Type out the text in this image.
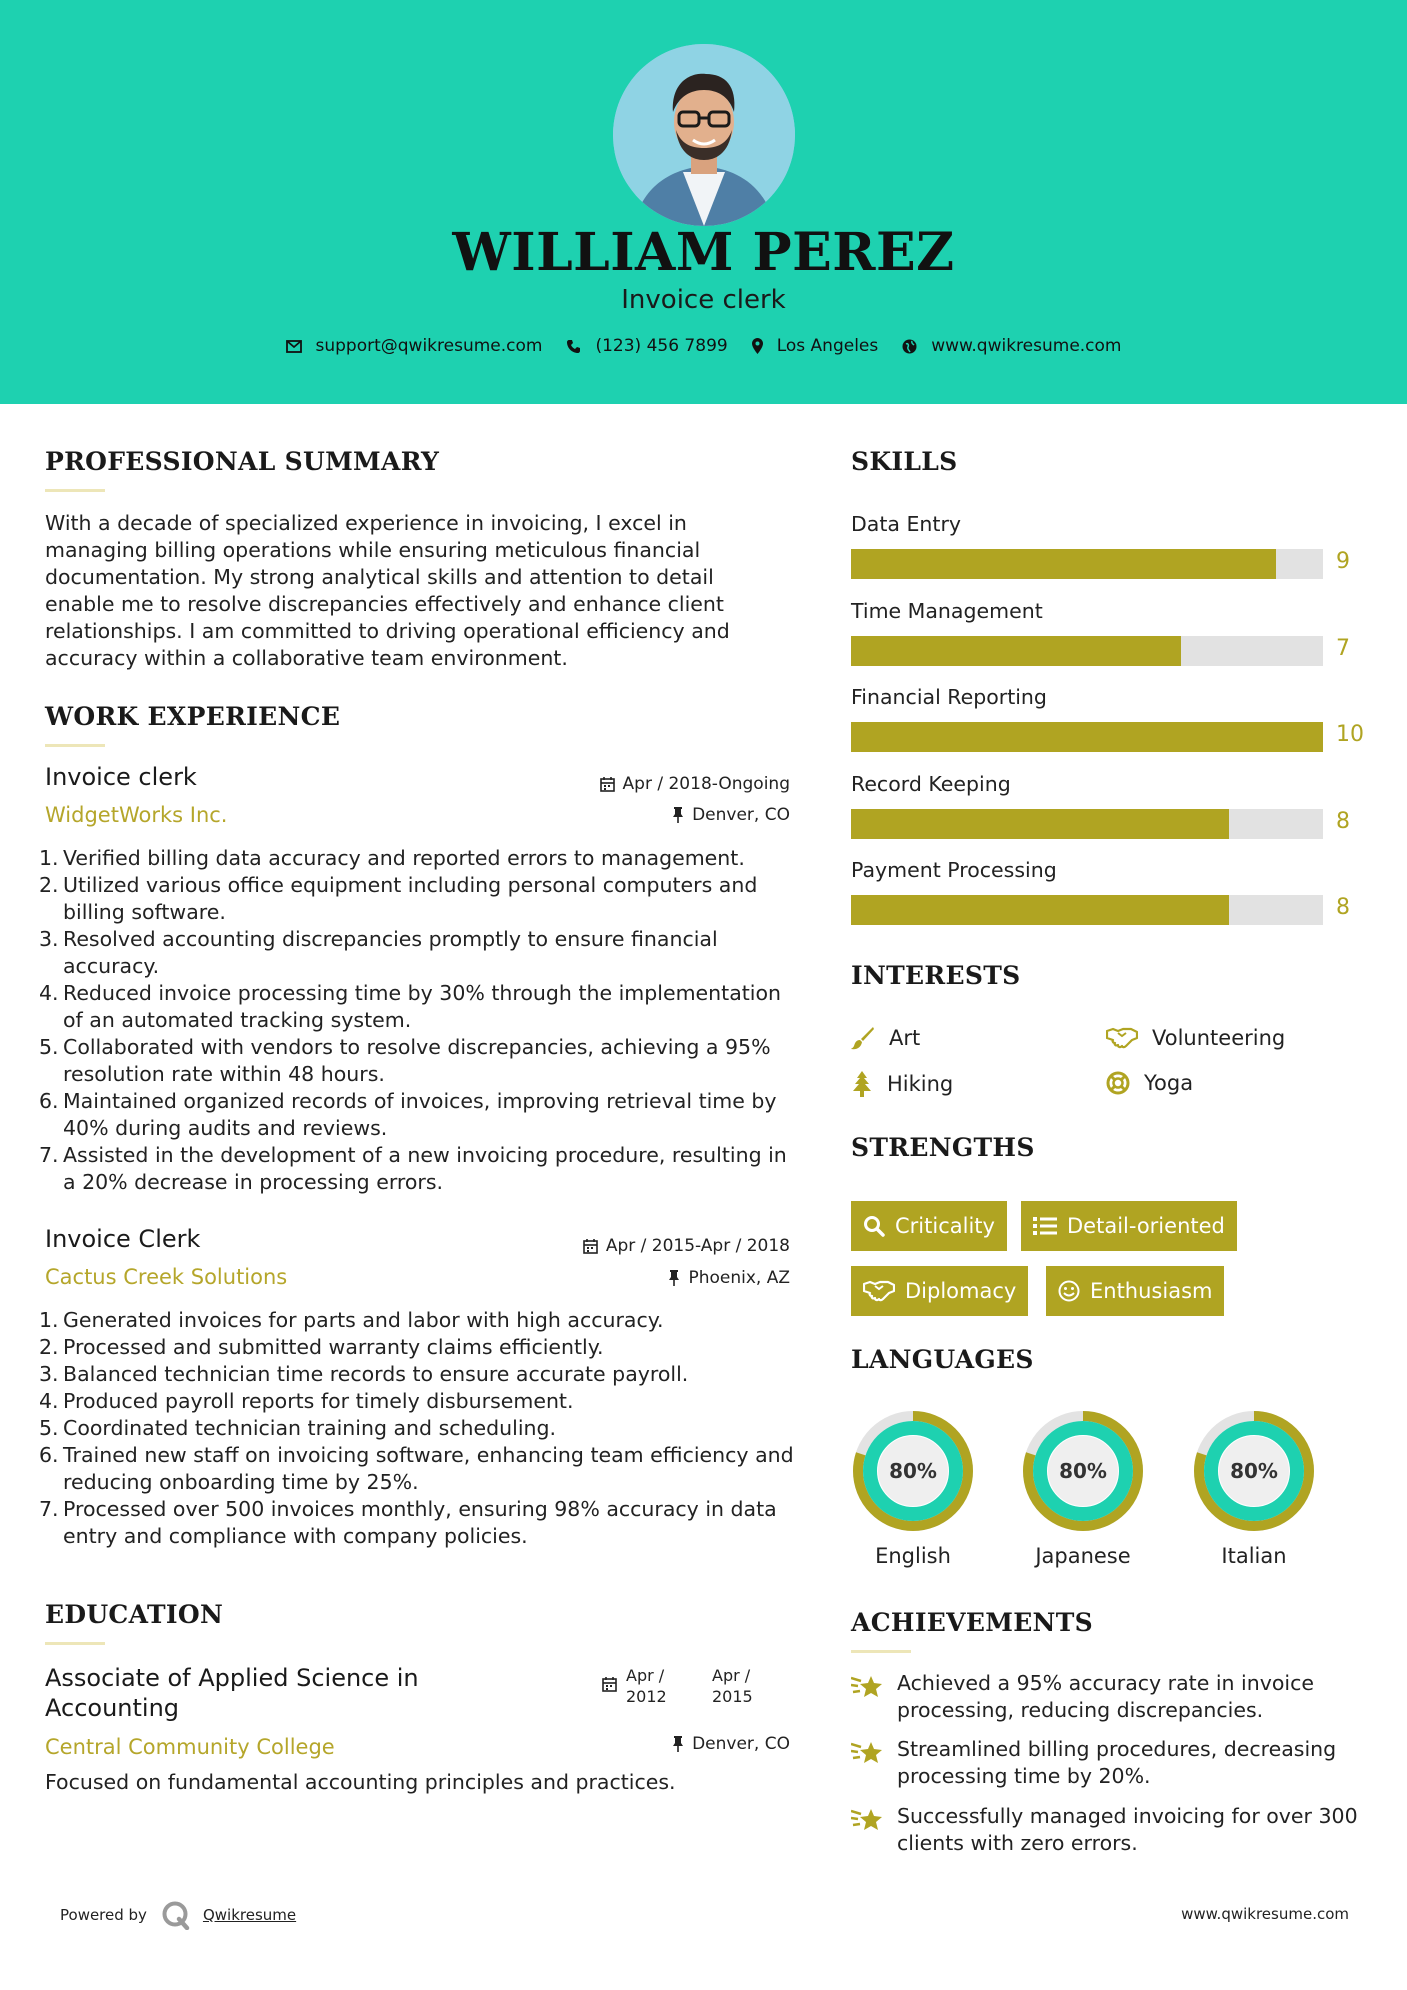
WILLIAM PEREZ
Invoice clerk
support@qwikresume.com	(123) 456 7899	Los Angeles	www.qwikresume.com
PROFESSIONAL SUMMARY
With a decade of specialized experience in invoicing, I excel in managing billing operations while ensuring meticulous financial documentation. My strong analytical skills and attention to detail enable me to resolve discrepancies effectively and enhance client relationships. I am committed to driving operational efficiency and accuracy within a collaborative team environment.
WORK EXPERIENCE
Invoice clerk
WidgetWorks Inc.
Apr / 2018-Ongoing
Denver, CO
1. Verified billing data accuracy and reported errors to management.
2. Utilized various office equipment including personal computers and billing software.
3. Resolved accounting discrepancies promptly to ensure financial accuracy.
4. Reduced invoice processing time by 30% through the implementation of an automated tracking system.
5. Collaborated with vendors to resolve discrepancies, achieving a 95% resolution rate within 48 hours.
6. Maintained organized records of invoices, improving retrieval time by 40% during audits and reviews.
7. Assisted in the development of a new invoicing procedure, resulting in a 20% decrease in processing errors.
Invoice Clerk
Cactus Creek Solutions
Apr / 2015-Apr / 2018
Phoenix, AZ
1. Generated invoices for parts and labor with high accuracy.
2. Processed and submitted warranty claims efficiently.
3. Balanced technician time records to ensure accurate payroll.
4. Produced payroll reports for timely disbursement.
5. Coordinated technician training and scheduling.
6. Trained new staff on invoicing software, enhancing team efficiency and reducing onboarding time by 25%.
7. Processed over 500 invoices monthly, ensuring 98% accuracy in data entry and compliance with company policies.
EDUCATION
Associate of Applied Science in
Accounting
Central Community College
Apr /
2012

Apr /
2015
Denver, CO
Focused on fundamental accounting principles and practices.
SKILLS
Data Entry
9
Time Management
7
Financial Reporting
10
Record Keeping
8
Payment Processing
8
INTERESTS
Art	Volunteering
Hiking	Yoga
STRENGTHS
Criticality	Detail-oriented
Diplomacy	Enthusiasm
LANGUAGES
80%
English
80%
Japanese
80%
Italian
ACHIEVEMENTS
Achieved a 95% accuracy rate in invoice processing, reducing discrepancies.
Streamlined billing procedures, decreasing processing time by 20%.
Successfully managed invoicing for over 300 clients with zero errors.
Powered by	Qwikresume	www.qwikresume.com
